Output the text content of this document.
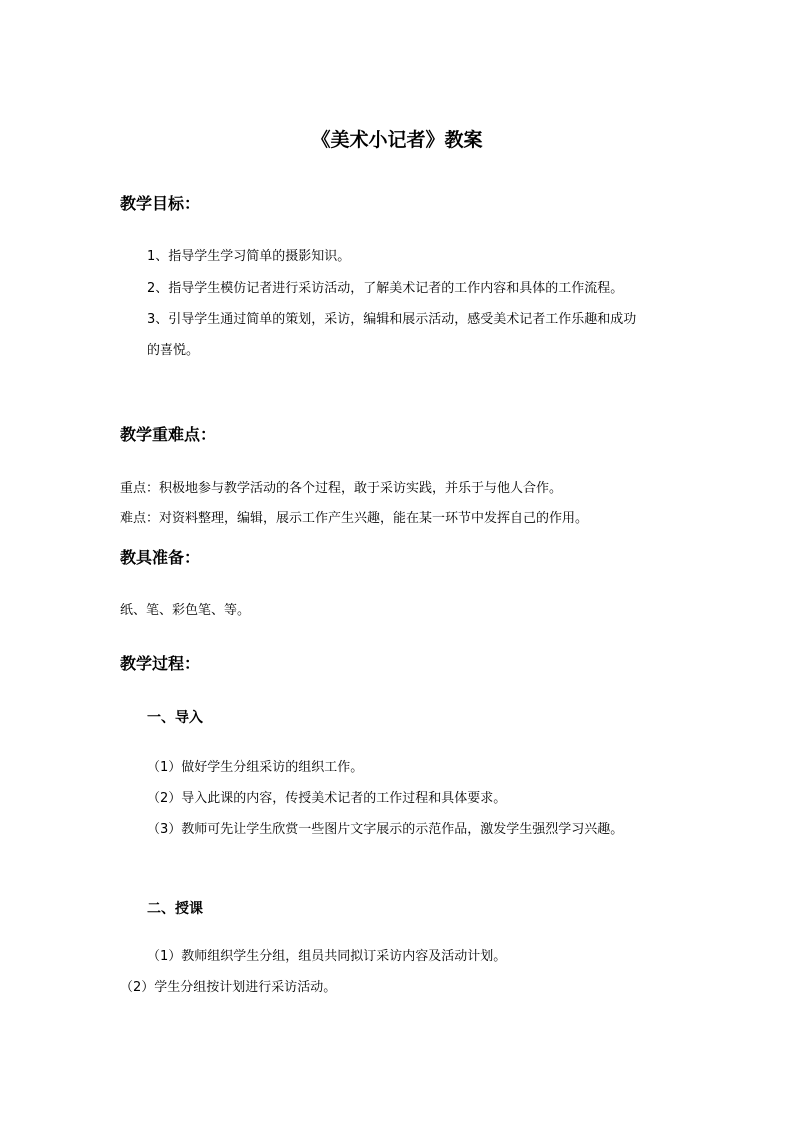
《美术小记者》教案
教学目标：
1、指导学生学习简单的摄影知识。
2、指导学生模仿记者进行采访活动，了解美术记者的工作内容和具体的工作流程。
3、引导学生通过简单的策划，采访，编辑和展示活动，感受美术记者工作乐趣和成功
的喜悦。
教学重难点：
重点：积极地参与教学活动的各个过程，敢于采访实践，并乐于与他人合作。
难点：对资料整理，编辑，展示工作产生兴趣，能在某一环节中发挥自己的作用。
教具准备：
纸、笔、彩色笔、等。
教学过程：
一、导入
（1）做好学生分组采访的组织工作。
（2）导入此课的内容，传授美术记者的工作过程和具体要求。
（3）教师可先让学生欣赏一些图片文字展示的示范作品，激发学生强烈学习兴趣。
二、授课
（1）教师组织学生分组，组员共同拟订采访内容及活动计划。
（2）学生分组按计划进行采访活动。
